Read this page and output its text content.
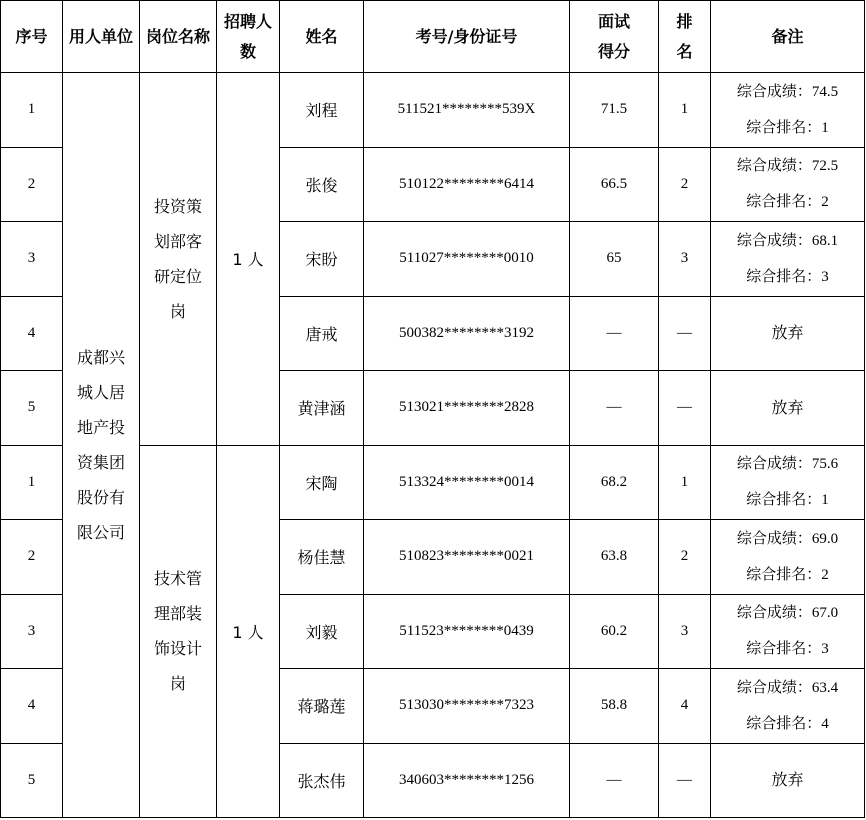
序号	用人单位	岗位名称	招聘人数	姓名	考号/身份证号	面试得分	排名	备注
1	成都兴城人居地产投资集团股份有限公司	投资策划部客研定位岗	1 人	刘程	511521********539X	71.5	1	综合成绩：74.5
综合排名：1

2				张俊	510122********6414	66.5	2	综合成绩：72.5
综合排名：2

3				宋盼	511027********0010	65	3	综合成绩：68.1
综合排名：3

4				唐戒	500382********3192	—	—	放弃
5				黄津涵	513021********2828	—	—	放弃
1		技术管理部装饰设计岗	1 人	宋陶	513324********0014	68.2	1	综合成绩：75.6
综合排名：1

2				杨佳慧	510823********0021	63.8	2	综合成绩：69.0
综合排名：2

3				刘毅	511523********0439	60.2	3	综合成绩：67.0
综合排名：3

4				蒋璐莲	513030********7323	58.8	4	综合成绩：63.4
综合排名：4

5				张杰伟	340603********1256	—	—	放弃
